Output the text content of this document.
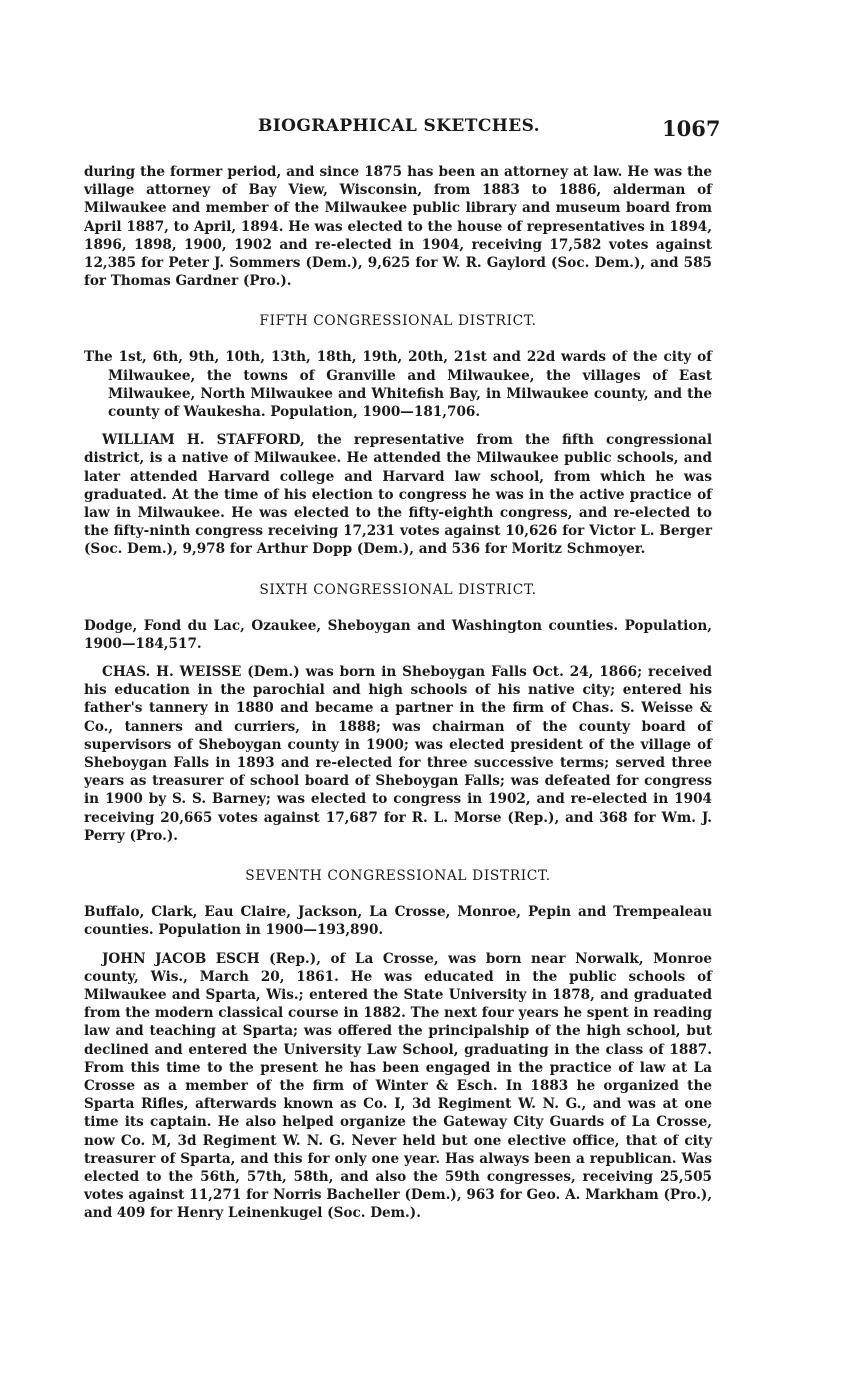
BIOGRAPHICAL SKETCHES.	1067

during the former period, and since 1875 has been an attorney at law. He was the village attorney of Bay View, Wisconsin, from 1883 to 1886, alderman of Milwaukee and member of the Milwaukee public library and museum board from April 1887, to April, 1894. He was elected to the house of representatives in 1894, 1896, 1898, 1900, 1902 and re-elected in 1904, receiving 17,582 votes against 12,385 for Peter J. Sommers (Dem.), 9,625 for W. R. Gaylord (Soc. Dem.), and 585 for Thomas Gardner (Pro.).

FIFTH CONGRESSIONAL DISTRICT.

The 1st, 6th, 9th, 10th, 13th, 18th, 19th, 20th, 21st and 22d wards of the city of Milwaukee, the towns of Granville and Milwaukee, the villages of East Milwaukee, North Milwaukee and Whitefish Bay, in Milwaukee county, and the county of Waukesha. Population, 1900—181,706.

WILLIAM H. STAFFORD, the representative from the fifth congressional district, is a native of Milwaukee. He attended the Milwaukee public schools, and later attended Harvard college and Harvard law school, from which he was graduated. At the time of his election to congress he was in the active practice of law in Milwaukee. He was elected to the fifty-eighth congress, and re-elected to the fifty-ninth congress receiving 17,231 votes against 10,626 for Victor L. Berger (Soc. Dem.), 9,978 for Arthur Dopp (Dem.), and 536 for Moritz Schmoyer.

SIXTH CONGRESSIONAL DISTRICT.

Dodge, Fond du Lac, Ozaukee, Sheboygan and Washington counties. Population, 1900—184,517.

CHAS. H. WEISSE (Dem.) was born in Sheboygan Falls Oct. 24, 1866; received his education in the parochial and high schools of his native city; entered his father's tannery in 1880 and became a partner in the firm of Chas. S. Weisse & Co., tanners and curriers, in 1888; was chairman of the county board of supervisors of Sheboygan county in 1900; was elected president of the village of Sheboygan Falls in 1893 and re-elected for three successive terms; served three years as treasurer of school board of Sheboygan Falls; was defeated for congress in 1900 by S. S. Barney; was elected to congress in 1902, and re-elected in 1904 receiving 20,665 votes against 17,687 for R. L. Morse (Rep.), and 368 for Wm. J. Perry (Pro.).

SEVENTH CONGRESSIONAL DISTRICT.

Buffalo, Clark, Eau Claire, Jackson, La Crosse, Monroe, Pepin and Trempealeau counties. Population in 1900—193,890.

JOHN JACOB ESCH (Rep.), of La Crosse, was born near Norwalk, Monroe county, Wis., March 20, 1861. He was educated in the public schools of Milwaukee and Sparta, Wis.; entered the State University in 1878, and graduated from the modern classical course in 1882. The next four years he spent in reading law and teaching at Sparta; was offered the principalship of the high school, but declined and entered the University Law School, graduating in the class of 1887. From this time to the present he has been engaged in the practice of law at La Crosse as a member of the firm of Winter & Esch. In 1883 he organized the Sparta Rifles, afterwards known as Co. I, 3d Regiment W. N. G., and was at one time its captain. He also helped organize the Gateway City Guards of La Crosse, now Co. M, 3d Regiment W. N. G. Never held but one elective office, that of city treasurer of Sparta, and this for only one year. Has always been a republican. Was elected to the 56th, 57th, 58th, and also the 59th congresses, receiving 25,505 votes against 11,271 for Norris Bacheller (Dem.), 963 for Geo. A. Markham (Pro.), and 409 for Henry Leinenkugel (Soc. Dem.).
